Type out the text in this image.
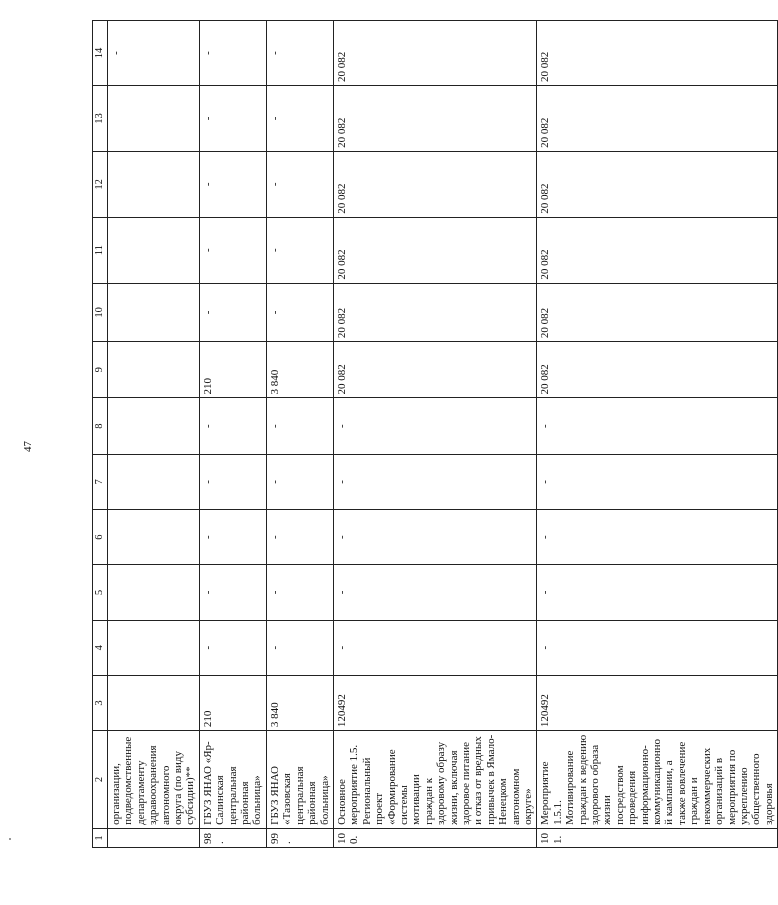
47
1	2	3	4	5	6	7	8	9	10	11	12	13	14
	организации, подведомственные департаменту здравоохранения автономного округа (по виду субсидии)**												-
98.	ГБУЗ ЯНАО «Яр-Салинская центральная районная больница»	210	-	-	-	-	-	210	-	-	-	-	-
99.	ГБУЗ ЯНАО «Тазовская центральная районная больница»	3 840	-	-	-	-	-	3 840	-	-	-	-	-
100.	Основное мероприятие 1.5. Региональный проект «Формирование системы мотивации граждан к здоровому образу жизни, включая здоровое питание и отказ от вредных привычек в Ямало-Ненецком автономном округе»	120492	-	-	-	-	-	20 082	20 082	20 082	20 082	20 082	20 082
101.	Мероприятие 1.5.1. Мотивирование граждан к ведению здорового образа жизни посредством проведения информационно-коммуникационной кампании, а также вовлечение граждан и некоммерческих организаций в мероприятия по укреплению общественного здоровья	120492	-	-	-	-	-	20 082	20 082	20 082	20 082	20 082	20 082
